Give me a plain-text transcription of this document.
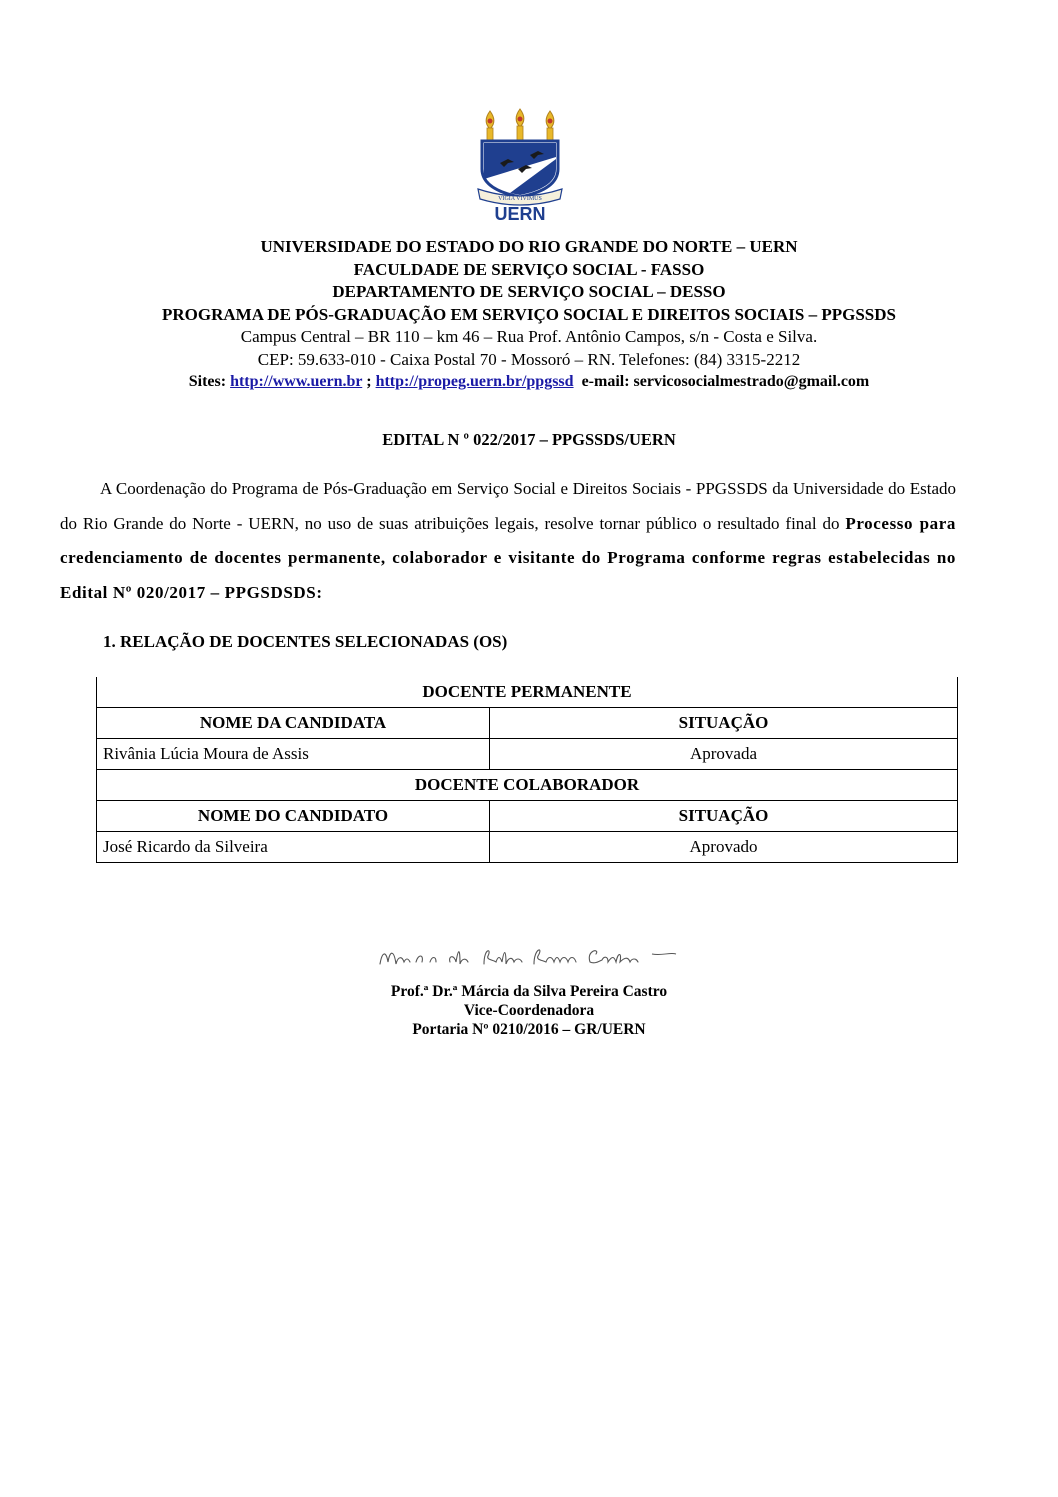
VIGIA VIVIMUS
UERN
UNIVERSIDADE DO ESTADO DO RIO GRANDE DO NORTE – UERN
FACULDADE DE SERVIÇO SOCIAL - FASSO
DEPARTAMENTO DE SERVIÇO SOCIAL – DESSO
PROGRAMA DE PÓS-GRADUAÇÃO EM SERVIÇO SOCIAL E DIREITOS SOCIAIS – PPGSSDS
Campus Central – BR 110 – km 46 – Rua Prof. Antônio Campos, s/n - Costa e Silva.
CEP: 59.633-010 - Caixa Postal 70 - Mossoró – RN. Telefones: (84) 3315-2212
Sites: http://www.uern.br ; http://propeg.uern.br/ppgssd e-mail: servicosocialmestrado@gmail.com
EDITAL N º 022/2017 – PPGSSDS/UERN
A Coordenação do Programa de Pós-Graduação em Serviço Social e Direitos Sociais - PPGSSDS da Universidade do Estado do Rio Grande do Norte - UERN, no uso de suas atribuições legais, resolve tornar público o resultado final do Processo para credenciamento de docentes permanente, colaborador e visitante do Programa conforme regras estabelecidas no Edital Nº 020/2017 – PPGSDSDS:
1. RELAÇÃO DE DOCENTES SELECIONADAS (OS)
DOCENTE PERMANENTE	
NOME DA CANDIDATA	SITUAÇÃO
Rivânia Lúcia Moura de Assis	Aprovada
DOCENTE COLABORADOR	
NOME DO CANDIDATO	SITUAÇÃO
José Ricardo da Silveira	Aprovado
Prof.ª Dr.ª Márcia da Silva Pereira Castro
Vice-Coordenadora
Portaria Nº 0210/2016 – GR/UERN
